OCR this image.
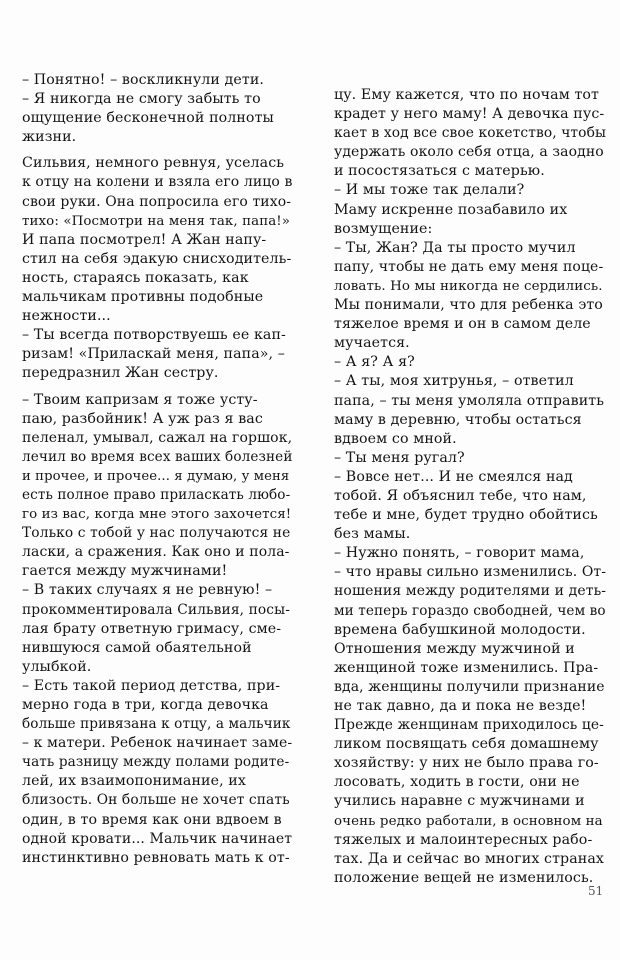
– Понятно! – воскликнули дети.
– Я никогда не смогу забыть то
ощущение бесконечной полноты
жизни.
Сильвия, немного ревнуя, уселась
к отцу на колени и взяла его лицо в
свои руки. Она попросила его тихо-
тихо: «Посмотри на меня так, папа!»
И папа посмотрел! А Жан напу-
стил на себя эдакую снисходитель-
ность, стараясь показать, как
мальчикам противны подобные
нежности...
– Ты всегда потворствуешь ее кап-
ризам! «Приласкай меня, папа», –
передразнил Жан сестру.
– Твоим капризам я тоже усту-
паю, разбойник! А уж раз я вас
пеленал, умывал, сажал на горшок,
лечил во время всех ваших болезней
и прочее, и прочее... я думаю, у меня
есть полное право приласкать любо-
го из вас, когда мне этого захочется!
Только с тобой у нас получаются не
ласки, а сражения. Как оно и пола-
гается между мужчинами!
– В таких случаях я не ревную! –
прокомментировала Сильвия, посы-
лая брату ответную гримасу, сме-
нившуюся самой обаятельной
улыбкой.
– Есть такой период детства, при-
мерно года в три, когда девочка
больше привязана к отцу, а мальчик
– к матери. Ребенок начинает заме-
чать разницу между полами родите-
лей, их взаимопонимание, их
близость. Он больше не хочет спать
один, в то время как они вдвоем в
одной кровати... Мальчик начинает
инстинктивно ревновать мать к от-
цу. Ему кажется, что по ночам тот
крадет у него маму! А девочка пус-
кает в ход все свое кокетство, чтобы
удержать около себя отца, а заодно
и посостязаться с матерью.
– И мы тоже так делали?
Маму искренне позабавило их
возмущение:
– Ты, Жан? Да ты просто мучил
папу, чтобы не дать ему меня поце-
ловать. Но мы никогда не сердились.
Мы понимали, что для ребенка это
тяжелое время и он в самом деле
мучается.
– А я? А я?
– А ты, моя хитрунья, – ответил
папа, – ты меня умоляла отправить
маму в деревню, чтобы остаться
вдвоем со мной.
– Ты меня ругал?
– Вовсе нет... И не смеялся над
тобой. Я объяснил тебе, что нам,
тебе и мне, будет трудно обойтись
без мамы.
– Нужно понять, – говорит мама,
– что нравы сильно изменились. От-
ношения между родителями и деть-
ми теперь гораздо свободней, чем во
времена бабушкиной молодости.
Отношения между мужчиной и
женщиной тоже изменились. Пра-
вда, женщины получили признание
не так давно, да и пока не везде!
Прежде женщинам приходилось це-
ликом посвящать себя домашнему
хозяйству: у них не было права го-
лосовать, ходить в гости, они не
учились наравне с мужчинами и
очень редко работали, в основном на
тяжелых и малоинтересных рабо-
тах. Да и сейчас во многих странах
положение вещей не изменилось.
51
